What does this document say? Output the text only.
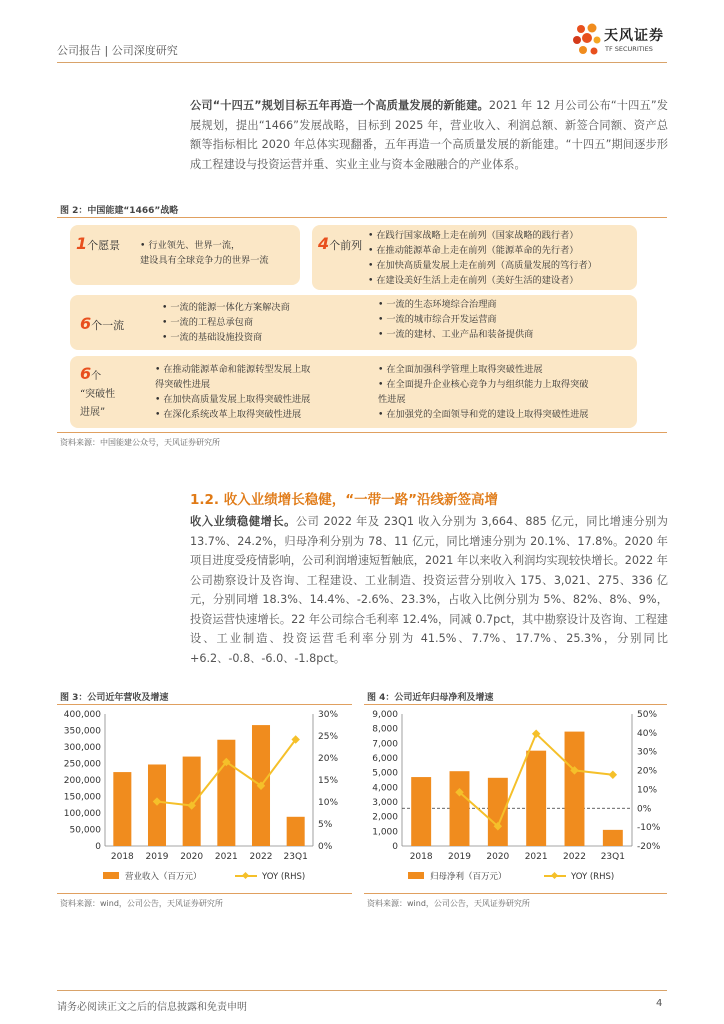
公司报告 | 公司深度研究
天风证券
TF SECURITIES
公司“十四五”规划目标五年再造一个高质量发展的新能建。2021 年 12 月公司公布“十四五”发展规划，提出“1466”发展战略，目标到 2025 年，营业收入、利润总额、新签合同额、资产总额等指标相比 2020 年总体实现翻番，五年再造一个高质量发展的新能建。“十四五”期间逐步形成工程建设与投资运营并重、实业主业与资本金融融合的产业体系。
图 2：中国能建“1466”战略
1个愿景 • 行业领先、世界一流，
建设具有全球竞争力的世界一流
4个前列
• 在践行国家战略上走在前列（国家战略的践行者）
• 在推动能源革命上走在前列（能源革命的先行者）
• 在加快高质量发展上走在前列（高质量发展的笃行者）
• 在建设美好生活上走在前列（美好生活的建设者）
6个一流
• 一流的能源一体化方案解决商
• 一流的工程总承包商
• 一流的基础设施投资商
• 一流的生态环境综合治理商
• 一流的城市综合开发运营商
• 一流的建材、工业产品和装备提供商
6个
“突破性
进展”
• 在推动能源革命和能源转型发展上取
得突破性进展
• 在加快高质量发展上取得突破性进展
• 在深化系统改革上取得突破性进展
• 在全面加强科学管理上取得突破性进展
• 在全面提升企业核心竞争力与组织能力上取得突破
性进展
• 在加强党的全面领导和党的建设上取得突破性进展
资料来源：中国能建公众号，天风证券研究所
1.2. 收入业绩增长稳健，“一带一路”沿线新签高增
收入业绩稳健增长。公司 2022 年及 23Q1 收入分别为 3,664、885 亿元，同比增速分别为 13.7%、24.2%，归母净利分别为 78、11 亿元，同比增速分别为 20.1%、17.8%。2020 年项目进度受疫情影响，公司利润增速短暂触底，2021 年以来收入利润均实现较快增长。2022 年公司勘察设计及咨询、工程建设、工业制造、投资运营分别收入 175、3,021、275、336 亿元，分别同增 18.3%、14.4%、-2.6%、23.3%，占收入比例分别为 5%、82%、8%、9%，投资运营快速增长。22 年公司综合毛利率 12.4%，同减 0.7pct，其中勘察设计及咨询、工程建设、工业制造、投资运营毛利率分别为 41.5%、7.7%、17.7%、25.3%，分别同比+6.2、-0.8、-6.0、-1.8pct。
图 3：公司近年营收及增速
0
50,000
100,000
150,000
200,000
250,000
300,000
350,000
400,000
0%
5%
10%
15%
20%
25%
30%
2018 2019 2020 2021 2022 23Q1
营业收入（百万元）	YOY (RHS)
资料来源：wind，公司公告，天风证券研究所
图 4：公司近年归母净利及增速
0
1,000
2,000
3,000
4,000
5,000
6,000
7,000
8,000
9,000
-20%
-10%
0%
10%
20%
30%
40%
50%
2018 2019 2020 2021 2022 23Q1
归母净利（百万元）	YOY (RHS)
资料来源：wind，公司公告，天风证券研究所
请务必阅读正文之后的信息披露和免责申明	4
